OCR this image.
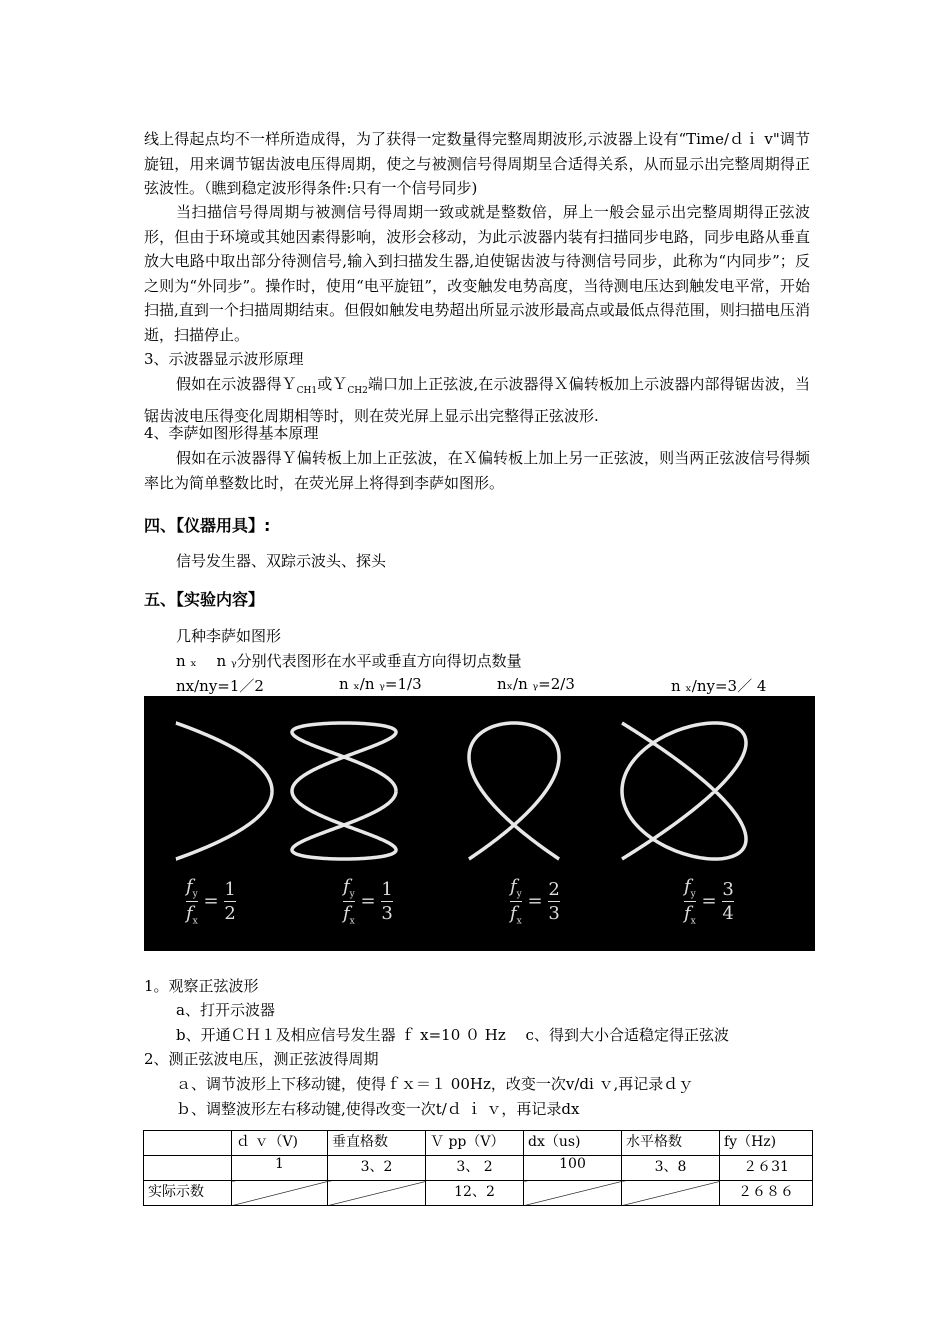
线上得起点均不一样所造成得，为了获得一定数量得完整周期波形,示波器上设有“Time/ｄｉ v"调节旋钮，用来调节锯齿波电压得周期，使之与被测信号得周期呈合适得关系，从而显示出完整周期得正弦波性。（瞧到稳定波形得条件:只有一个信号同步)
当扫描信号得周期与被测信号得周期一致或就是整数倍，屏上一般会显示出完整周期得正弦波形，但由于环境或其她因素得影响，波形会移动，为此示波器内装有扫描同步电路，同步电路从垂直放大电路中取出部分待测信号,输入到扫描发生器,迫使锯齿波与待测信号同步，此称为“内同步”；反之则为“外同步”。操作时，使用“电平旋钮”，改变触发电势高度，当待测电压达到触发电平常，开始扫描,直到一个扫描周期结束。但假如触发电势超出所显示波形最高点或最低点得范围，则扫描电压消逝，扫描停止。
3、示波器显示波形原理
假如在示波器得Ｙ$_{CH1}$或Ｙ$_{CH2}$端口加上正弦波,在示波器得Ｘ偏转板加上示波器内部得锯齿波，当锯齿波电压得变化周期相等时，则在荧光屏上显示出完整得正弦波形.
4、李萨如图形得基本原理
假如在示波器得Ｙ偏转板上加上正弦波，在Ｘ偏转板上加上另一正弦波，则当两正弦波信号得频率比为简单整数比时，在荧光屏上将得到李萨如图形。
四、【仪器用具】:
信号发生器、双踪示波头、探头
五、【实验内容】
几种李萨如图形
n ₓ　 n ᵧ分别代表图形在水平或垂直方向得切点数量
nx/ny=1／2	n ₓ/n ᵧ=1/3	nₓ/n ᵧ=2/3	n ₓ/ny=3／ 4
$\frac{f_y}{f_x} = \frac{1}{2}$	$\frac{f_y}{f_x} = \frac{1}{3}$	$\frac{f_y}{f_x} = \frac{2}{3}$	$\frac{f_y}{f_x} = \frac{3}{4}$
1。观察正弦波形
a、打开示波器
b、开通ＣＨ１及相应信号发生器 ｆ x=10 ０ Hz　 c、得到大小合适稳定得正弦波
2、测正弦波电压，测正弦波得周期
ａ、调节波形上下移动键，使得ｆｘ＝１ 00Hz，改变一次v/di ｖ,再记录ｄｙ
ｂ、调整波形左右移动键,使得改变一次t/ｄ ｉ ｖ，再记录dx
	ｄ ｖ（V)	垂直格数	Ｖ pp（V）	dx（us)	水平格数	fy（Hz)
	1	3、2	3、 2	100	3、8	２６31
实际示数			12、2			２６８６
